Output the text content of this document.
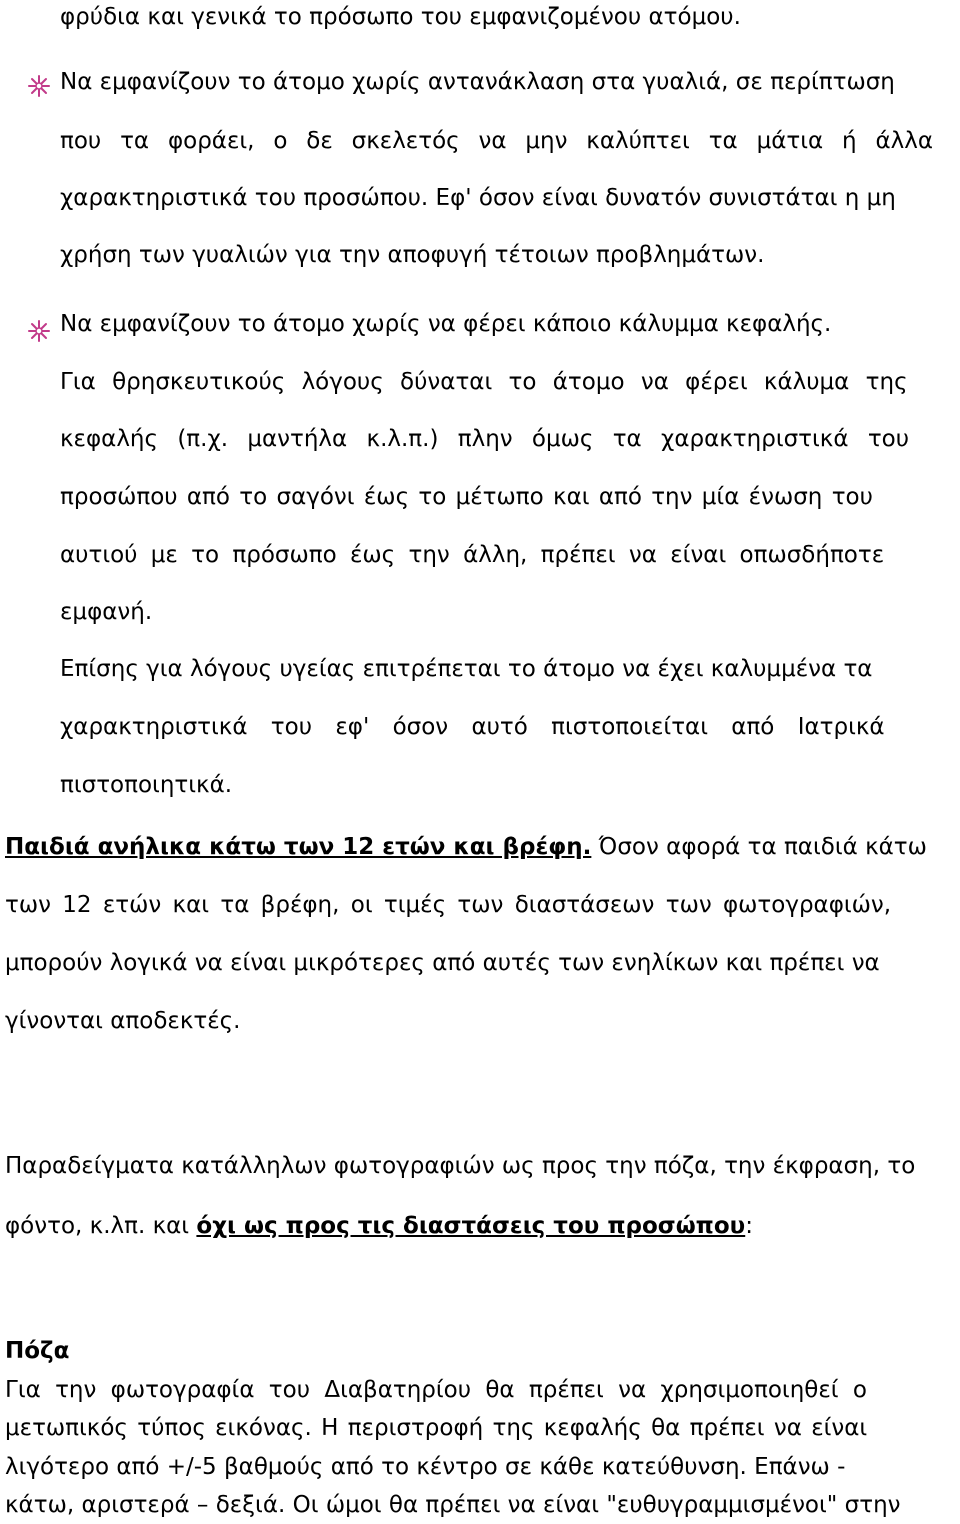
φρύδια και γενικά το πρόσωπο του εμφανιζομένου ατόμου.
Να εμφανίζουν το άτομο χωρίς αντανάκλαση στα γυαλιά, σε περίπτωση
που τα φοράει, ο δε σκελετός να μην καλύπτει τα μάτια ή άλλα
χαρακτηριστικά του προσώπου. Εφ' όσον είναι δυνατόν συνιστάται η μη
χρήση των γυαλιών για την αποφυγή τέτοιων προβλημάτων.
Να εμφανίζουν το άτομο χωρίς να φέρει κάποιο κάλυμμα κεφαλής.
Για θρησκευτικούς λόγους δύναται το άτομο να φέρει κάλυμα της
κεφαλής (π.χ. μαντήλα κ.λ.π.) πλην όμως τα χαρακτηριστικά του
προσώπου από το σαγόνι έως το μέτωπο και από την μία ένωση του
αυτιού με το πρόσωπο έως την άλλη, πρέπει να είναι οπωσδήποτε
εμφανή.
Επίσης για λόγους υγείας επιτρέπεται το άτομο να έχει καλυμμένα τα
χαρακτηριστικά του εφ' όσον αυτό πιστοποιείται από Ιατρικά
πιστοποιητικά.
Παιδιά ανήλικα κάτω των 12 ετών και βρέφη. Όσον αφορά τα παιδιά κάτω
των 12 ετών και τα βρέφη, οι τιμές των διαστάσεων των φωτογραφιών,
μπορούν λογικά να είναι μικρότερες από αυτές των ενηλίκων και πρέπει να
γίνονται αποδεκτές.
Παραδείγματα κατάλληλων φωτογραφιών ως προς την πόζα, την έκφραση, το
φόντο, κ.λπ. και όχι ως προς τις διαστάσεις του προσώπου:
Πόζα
Για την φωτογραφία του Διαβατηρίου θα πρέπει να χρησιμοποιηθεί ο
μετωπικός τύπος εικόνας. Η περιστροφή της κεφαλής θα πρέπει να είναι
λιγότερο από +/-5 βαθμούς από το κέντρο σε κάθε κατεύθυνση. Επάνω -
κάτω, αριστερά – δεξιά. Οι ώμοι θα πρέπει να είναι "ευθυγραμμισμένοι" στην
